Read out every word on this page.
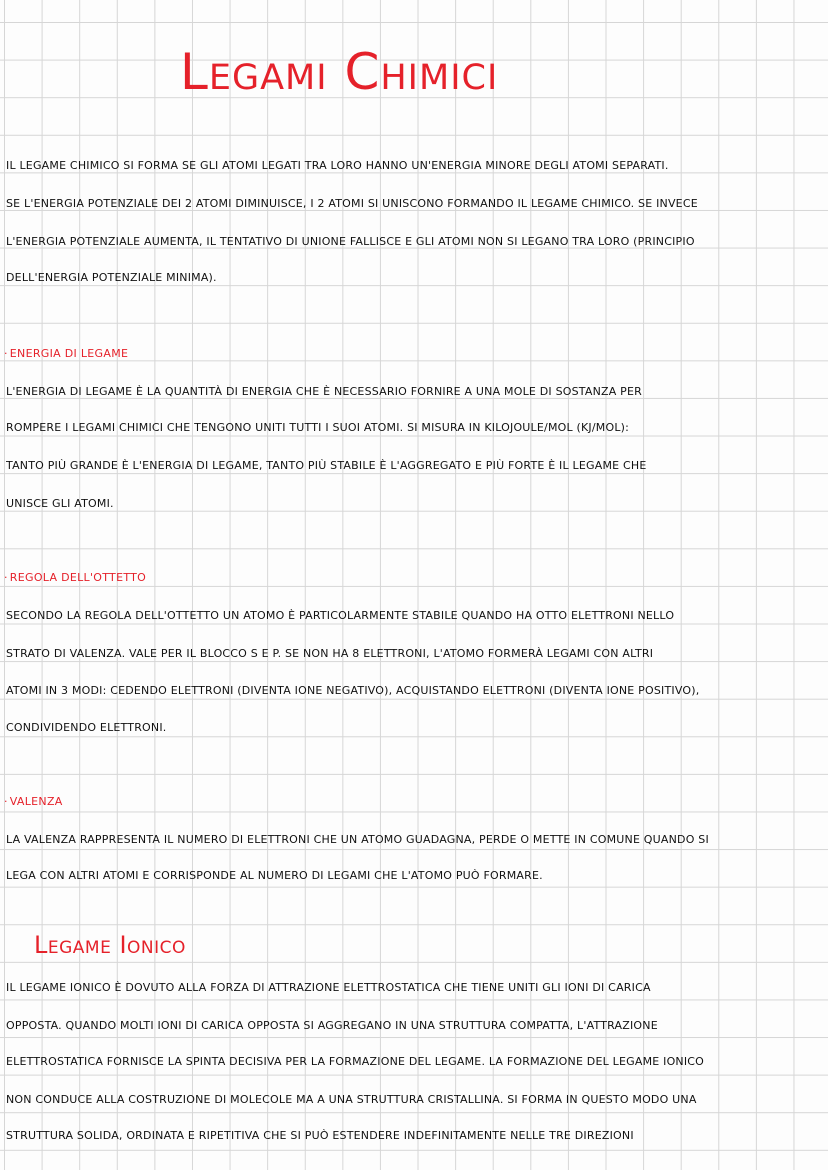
Legami Chimici
IL LEGAME CHIMICO SI FORMA SE GLI ATOMI LEGATI TRA LORO HANNO UN'ENERGIA MINORE DEGLI ATOMI SEPARATI.
SE L'ENERGIA POTENZIALE DEI 2 ATOMI DIMINUISCE, I 2 ATOMI SI UNISCONO FORMANDO IL LEGAME CHIMICO. SE INVECE
L'ENERGIA POTENZIALE AUMENTA, IL TENTATIVO DI UNIONE FALLISCE E GLI ATOMI NON SI LEGANO TRA LORO (PRINCIPIO
DELL'ENERGIA POTENZIALE MINIMA).
· ENERGIA DI LEGAME
L'ENERGIA DI LEGAME È LA QUANTITÀ DI ENERGIA CHE È NECESSARIO FORNIRE A UNA MOLE DI SOSTANZA PER
ROMPERE I LEGAMI CHIMICI CHE TENGONO UNITI TUTTI I SUOI ATOMI. SI MISURA IN KILOJOULE/MOL (KJ/MOL):
TANTO PIÙ GRANDE È L'ENERGIA DI LEGAME, TANTO PIÙ STABILE È L'AGGREGATO E PIÙ FORTE È IL LEGAME CHE
UNISCE GLI ATOMI.
· REGOLA DELL'OTTETTO
SECONDO LA REGOLA DELL'OTTETTO UN ATOMO È PARTICOLARMENTE STABILE QUANDO HA OTTO ELETTRONI NELLO
STRATO DI VALENZA. VALE PER IL BLOCCO S E P. SE NON HA 8 ELETTRONI, L'ATOMO FORMERÀ LEGAMI CON ALTRI
ATOMI IN 3 MODI: CEDENDO ELETTRONI (DIVENTA IONE NEGATIVO), ACQUISTANDO ELETTRONI (DIVENTA IONE POSITIVO),
CONDIVIDENDO ELETTRONI.
· VALENZA
LA VALENZA RAPPRESENTA IL NUMERO DI ELETTRONI CHE UN ATOMO GUADAGNA, PERDE O METTE IN COMUNE QUANDO SI
LEGA CON ALTRI ATOMI E CORRISPONDE AL NUMERO DI LEGAMI CHE L'ATOMO PUÒ FORMARE.
Legame Ionico
IL LEGAME IONICO È DOVUTO ALLA FORZA DI ATTRAZIONE ELETTROSTATICA CHE TIENE UNITI GLI IONI DI CARICA
OPPOSTA. QUANDO MOLTI IONI DI CARICA OPPOSTA SI AGGREGANO IN UNA STRUTTURA COMPATTA, L'ATTRAZIONE
ELETTROSTATICA FORNISCE LA SPINTA DECISIVA PER LA FORMAZIONE DEL LEGAME. LA FORMAZIONE DEL LEGAME IONICO
NON CONDUCE ALLA COSTRUZIONE DI MOLECOLE MA A UNA STRUTTURA CRISTALLINA. SI FORMA IN QUESTO MODO UNA
STRUTTURA SOLIDA, ORDINATA E RIPETITIVA CHE SI PUÒ ESTENDERE INDEFINITAMENTE NELLE TRE DIREZIONI
